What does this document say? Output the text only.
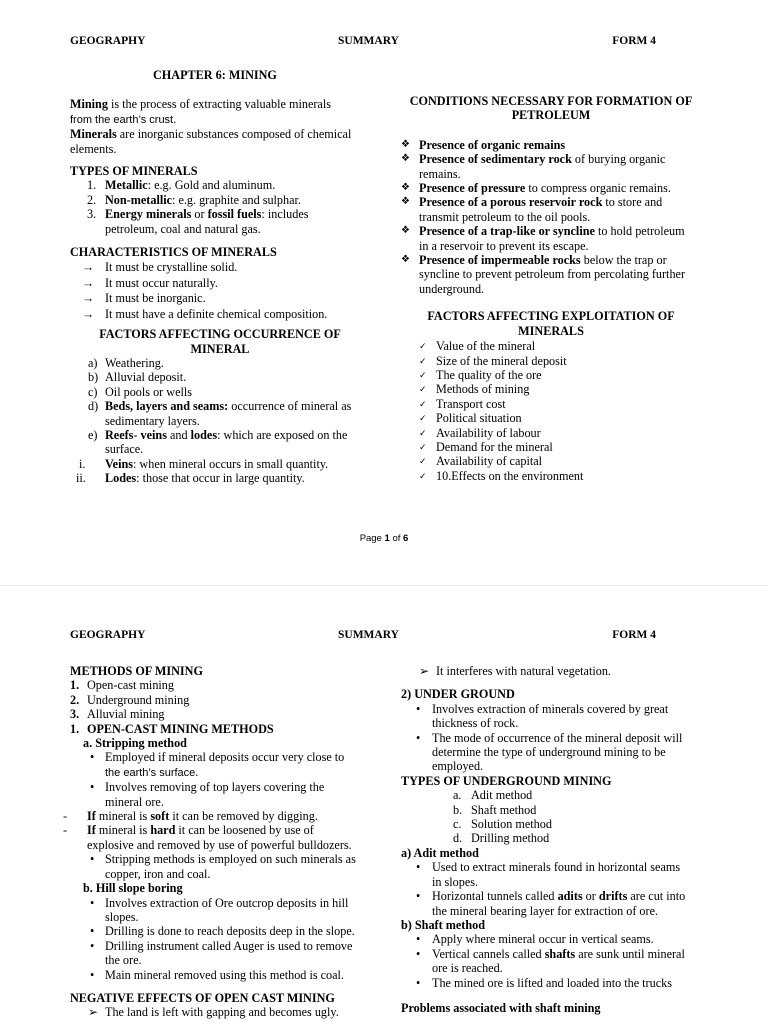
GEOGRAPHY	SUMMARY	FORM 4

CHAPTER 6: MINING

Mining is the process of extracting valuable minerals

from the earth’s crust.

Minerals are inorganic substances composed of chemical

elements.

TYPES OF MINERALS

1. Metallic: e.g. Gold and aluminum.
2. Non-metallic: e.g. graphite and sulphar.
3. Energy minerals or fossil fuels: includes
petroleum, coal and natural gas.

CHARACTERISTICS OF MINERALS

→ It must be crystalline solid.
→ It must occur naturally.
→ It must be inorganic.
→ It must have a definite chemical composition.

FACTORS AFFECTING OCCURRENCE OF

MINERAL

a) Weathering.
b) Alluvial deposit.
c) Oil pools or wells
d) Beds, layers and seams: occurrence of mineral as
sedimentary layers.
e) Reefs- veins and lodes: which are exposed on the
surface.
i. Veins: when mineral occurs in small quantity.
ii. Lodes: those that occur in large quantity.

CONDITIONS NECESSARY FOR FORMATION OF

PETROLEUM

❖ Presence of organic remains
❖ Presence of sedimentary rock of burying organic
remains.
❖ Presence of pressure to compress organic remains.
❖ Presence of a porous reservoir rock to store and
transmit petroleum to the oil pools.
❖ Presence of a trap-like or syncline to hold petroleum
in a reservoir to prevent its escape.
❖ Presence of impermeable rocks below the trap or
syncline to prevent petroleum from percolating further
underground.

FACTORS AFFECTING EXPLOITATION OF

MINERALS

✓ Value of the mineral
✓ Size of the mineral deposit
✓ The quality of the ore
✓ Methods of mining
✓ Transport cost
✓ Political situation
✓ Availability of labour
✓ Demand for the mineral
✓ Availability of capital
✓ 10.Effects on the environment
Page 1 of 6
GEOGRAPHY	SUMMARY	FORM 4

METHODS OF MINING

1. Open-cast mining
2. Underground mining
3. Alluvial mining
1. OPEN-CAST MINING METHODS

a. Stripping method

• Employed if mineral deposits occur very close to
the earth’s surface.
• Involves removing of top layers covering the
mineral ore.
- If mineral is soft it can be removed by digging.
- If mineral is hard it can be loosened by use of
explosive and removed by use of powerful bulldozers.
• Stripping methods is employed on such minerals as
copper, iron and coal.

b. Hill slope boring

• Involves extraction of Ore outcrop deposits in hill
slopes.
• Drilling is done to reach deposits deep in the slope.
• Drilling instrument called Auger is used to remove
the ore.
• Main mineral removed using this method is coal.

NEGATIVE EFFECTS OF OPEN CAST MINING

➢ The land is left with gapping and becomes ugly.
➢ It interferes with natural vegetation.

2) UNDER GROUND

• Involves extraction of minerals covered by great
thickness of rock.
• The mode of occurrence of the mineral deposit will
determine the type of underground mining to be
employed.

TYPES OF UNDERGROUND MINING

a. Adit method
b. Shaft method
c. Solution method
d. Drilling method

a) Adit method

• Used to extract minerals found in horizontal seams
in slopes.
• Horizontal tunnels called adits or drifts are cut into
the mineral bearing layer for extraction of ore.

b) Shaft method

• Apply where mineral occur in vertical seams.
• Vertical cannels called shafts are sunk until mineral
ore is reached.
• The mined ore is lifted and loaded into the trucks

Problems associated with shaft mining
